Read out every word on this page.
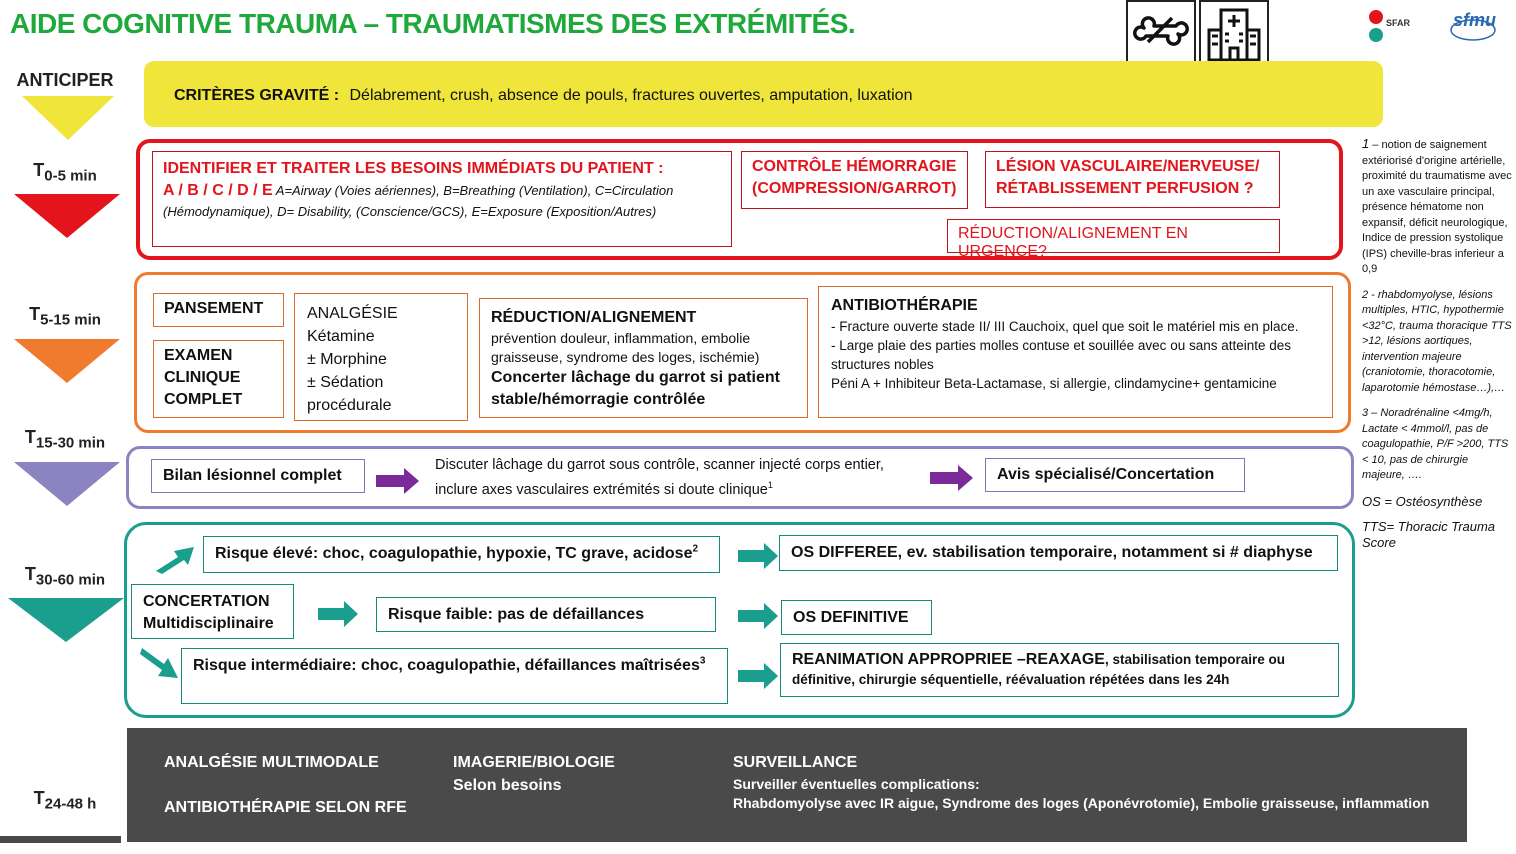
AIDE COGNITIVE TRAUMA – TRAUMATISMES DES EXTRÉMITÉS.	SFAR sfmu
ANTICIPER
CRITÈRES GRAVITÉ : Délabrement, crush, absence de pouls, fractures ouvertes, amputation, luxation
$T_{0-5 min}$	IDENTIFIER ET TRAITER LES BESOINS IMMÉDIATS DU PATIENT :
A / B / C / D / E A=Airway (Voies aériennes), B=Breathing (Ventilation), C=Circulation (Hémodynamique), D= Disability, (Conscience/GCS), E=Exposure (Exposition/Autres)
CONTRÔLE HÉMORRAGIE
(COMPRESSION/GARROT)
LÉSION VASCULAIRE/NERVEUSE/
RÉTABLISSEMENT PERFUSION ?
RÉDUCTION/ALIGNEMENT EN URGENCE?
$T_{5-15 min}$
PANSEMENT
EXAMEN
CLINIQUE
COMPLET
ANALGÉSIE
Kétamine
± Morphine
± Sédation
procédurale
RÉDUCTION/ALIGNEMENT
prévention douleur, inflammation, embolie graisseuse, syndrome des loges, ischémie)
Concerter lâchage du garrot si patient stable/hémorragie contrôlée
ANTIBIOTHÉRAPIE
- Fracture ouverte stade II/ III Cauchoix, quel que soit le matériel mis en place.
- Large plaie des parties molles contuse et souillée avec ou sans atteinte des structures nobles
Péni A + Inhibiteur Beta-Lactamase, si allergie, clindamycine+ gentamicine
$T_{15-30 min}$
Bilan lésionnel complet
Discuter lâchage du garrot sous contrôle, scanner injecté corps entier, inclure axes vasculaires extrémités si doute clinique$^1$
Avis spécialisé/Concertation
$T_{30-60 min}$
CONCERTATION
Multidisciplinaire
Risque élevé: choc, coagulopathie, hypoxie, TC grave, acidose$^2$
Risque faible: pas de défaillances
Risque intermédiaire: choc, coagulopathie, défaillances maîtrisées$^3$
OS DIFFEREE, ev. stabilisation temporaire, notamment si # diaphyse
OS DEFINITIVE
REANIMATION APPROPRIEE –REAXAGE, stabilisation temporaire ou définitive, chirurgie séquentielle, réévaluation répétées dans les 24h
$T_{24-48 h}$
ANALGÉSIE MULTIMODALE
ANTIBIOTHÉRAPIE SELON RFE
IMAGERIE/BIOLOGIE
Selon besoins
SURVEILLANCE
Surveiller éventuelles complications:
Rhabdomyolyse avec IR aigue, Syndrome des loges (Aponévrotomie), Embolie graisseuse, inflammation

1 – notion de saignement extériorisé d'origine artérielle, proximité du traumatisme avec un axe vasculaire principal, présence hématome non expansif, déficit neurologique, Indice de pression systolique (IPS) cheville-bras inferieur a 0,9

2 - rhabdomyolyse, lésions multiples, HTIC, hypothermie <32°C, trauma thoracique TTS >12, lésions aortiques, intervention majeure (craniotomie, thoracotomie, laparotomie hémostase…),…

3 – Noradrénaline <4mg/h, Lactate < 4mmol/l, pas de coagulopathie, P/F >200, TTS < 10, pas de chirurgie majeure, ….

OS = Ostéosynthèse

TTS= Thoracic Trauma Score
